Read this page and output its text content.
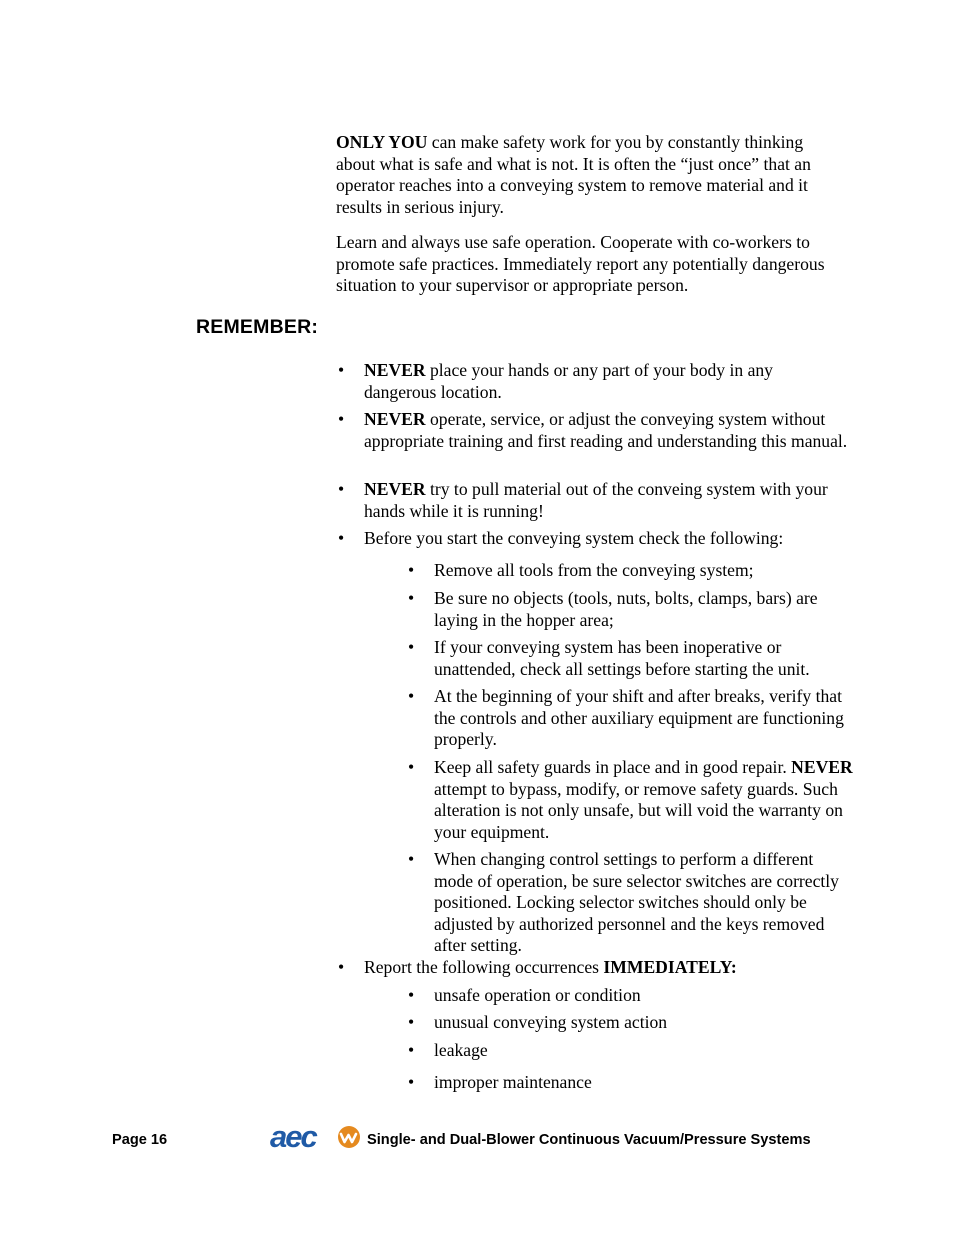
ONLY YOU can make safety work for you by constantly thinking about what is safe and what is not. It is often the “just once” that an operator reaches into a conveying system to remove material and it results in serious injury.

Learn and always use safe operation. Cooperate with co-workers to promote safe practices. Immediately report any potentially dangerous situation to your supervisor or appropriate person.

REMEMBER:
• NEVER place your hands or any part of your body in any dangerous location.
• NEVER operate, service, or adjust the conveying system without appropriate training and first reading and understanding this manual.
• NEVER try to pull material out of the conveing system with your hands while it is running!
• Before you start the conveying system check the following:
• Remove all tools from the conveying system;
• Be sure no objects (tools, nuts, bolts, clamps, bars) are laying in the hopper area;
• If your conveying system has been inoperative or unattended, check all settings before starting the unit.
• At the beginning of your shift and after breaks, verify that the controls and other auxiliary equipment are functioning properly.
• Keep all safety guards in place and in good repair. NEVER attempt to bypass, modify, or remove safety guards. Such alteration is not only unsafe, but will void the warranty on your equipment.
• When changing control settings to perform a different mode of operation, be sure selector switches are correctly positioned. Locking selector switches should only be adjusted by authorized personnel and the keys removed after setting.
• Report the following occurrences IMMEDIATELY:
• unsafe operation or condition
• unusual conveying system action
• leakage
• improper maintenance
Page 16	aec	Single- and Dual-Blower Continuous Vacuum/Pressure Systems
